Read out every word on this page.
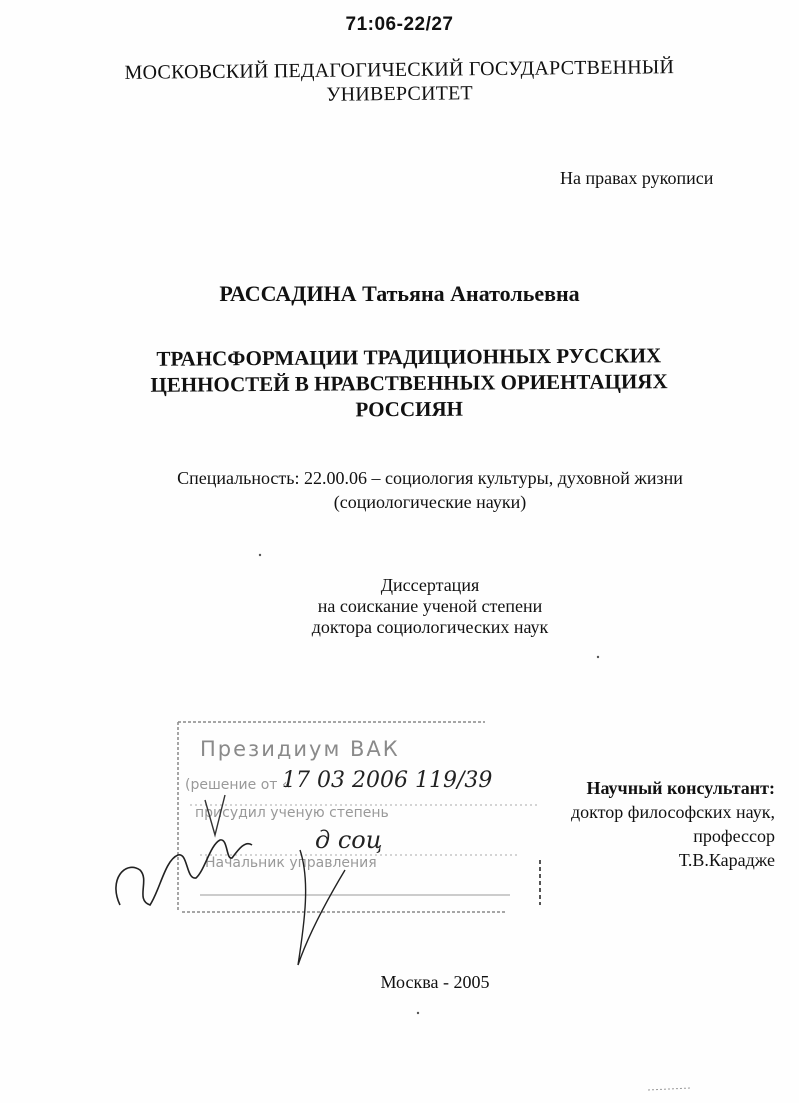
71:06-22/27
МОСКОВСКИЙ ПЕДАГОГИЧЕСКИЙ ГОСУДАРСТВЕННЫЙ
УНИВЕРСИТЕТ
На правах рукописи
РАССАДИНА Татьяна Анатольевна
ТРАНСФОРМАЦИИ ТРАДИЦИОННЫХ РУССКИХ
ЦЕННОСТЕЙ В НРАВСТВЕННЫХ ОРИЕНТАЦИЯХ
РОССИЯН
Специальность: 22.00.06 – социология культуры, духовной жизни
(социологические науки)
Диссертация
на соискание ученой степени
доктора социологических наук
Президиум ВАК
(решение от «
присудил ученую степень
Начальник управления
17 03 2006 119/39
д соц
Научный консультант:
доктор философских наук,
профессор
Т.В.Карадже
Москва - 2005
